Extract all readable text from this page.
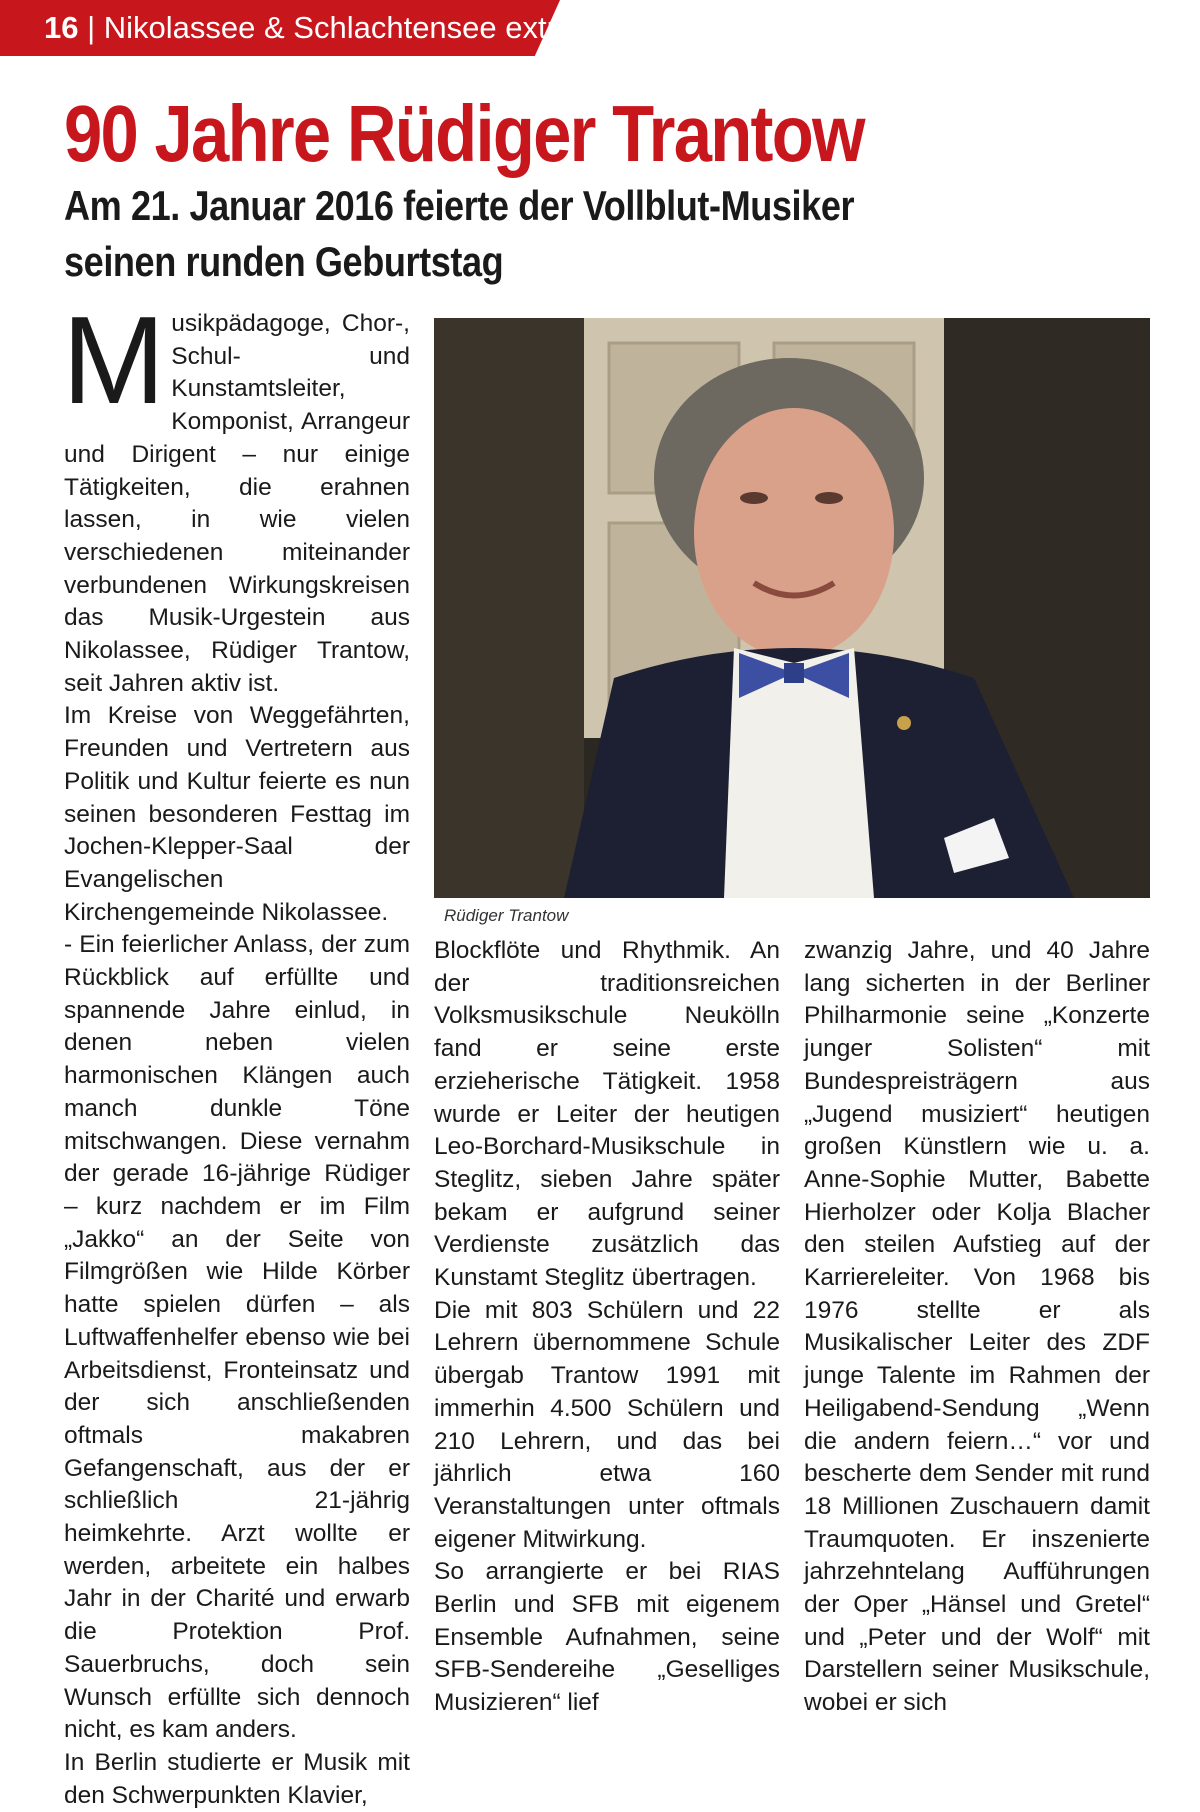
16 | Nikolassee & Schlachtensee extra
90 Jahre Rüdiger Trantow
Am 21. Januar 2016 feierte der Vollblut-Musiker seinen runden Geburtstag
M usikpädagoge, Chor-, Schul- und Kunstamtsleiter, Komponist, Arrangeur und Dirigent – nur einige Tätigkeiten, die erahnen lassen, in wie vielen verschiedenen miteinander verbundenen Wirkungskreisen das Musik-Urgestein aus Nikolassee, Rüdiger Trantow, seit Jahren aktiv ist.

Im Kreise von Weggefährten, Freunden und Vertretern aus Politik und Kultur feierte es nun seinen besonderen Festtag im Jochen-Klepper-Saal der Evangelischen Kirchengemeinde Nikolassee.

- Ein feierlicher Anlass, der zum Rückblick auf erfüllte und spannende Jahre einlud, in denen neben vielen harmonischen Klängen auch manch dunkle Töne mitschwangen. Diese vernahm der gerade 16-jährige Rüdiger – kurz nachdem er im Film „Jakko“ an der Seite von Filmgrößen wie Hilde Körber hatte spielen dürfen – als Luftwaffenhelfer ebenso wie bei Arbeitsdienst, Fronteinsatz und der sich anschließenden oftmals makabren Gefangenschaft, aus der er schließlich 21-jährig heimkehrte. Arzt wollte er werden, arbeitete ein halbes Jahr in der Charité und erwarb die Protektion Prof. Sauerbruchs, doch sein Wunsch erfüllte sich dennoch nicht, es kam anders.

In Berlin studierte er Musik mit den Schwerpunkten Klavier,

Rüdiger Trantow

Blockflöte und Rhythmik. An der traditionsreichen Volksmusikschule Neukölln fand er seine erste erzieherische Tätigkeit. 1958 wurde er Leiter der heutigen Leo-Borchard-Musikschule in Steglitz, sieben Jahre später bekam er aufgrund seiner Verdienste zusätzlich das Kunstamt Steglitz übertragen.

Die mit 803 Schülern und 22 Lehrern übernommene Schule übergab Trantow 1991 mit immerhin 4.500 Schülern und 210 Lehrern, und das bei jährlich etwa 160 Veranstaltungen unter oftmals eigener Mitwirkung.

So arrangierte er bei RIAS Berlin und SFB mit eigenem Ensemble Aufnahmen, seine SFB-Sendereihe „Geselliges Musizieren“ lief

zwanzig Jahre, und 40 Jahre lang sicherten in der Berliner Philharmonie seine „Konzerte junger Solisten“ mit Bundespreisträgern aus „Jugend musiziert“ heutigen großen Künstlern wie u. a. Anne-Sophie Mutter, Babette Hierholzer oder Kolja Blacher den steilen Aufstieg auf der Karriereleiter. Von 1968 bis 1976 stellte er als Musikalischer Leiter des ZDF junge Talente im Rahmen der Heiligabend-Sendung „Wenn die andern feiern…“ vor und bescherte dem Sender mit rund 18 Millionen Zuschauern damit Traumquoten. Er inszenierte jahrzehntelang Aufführungen der Oper „Hänsel und Gretel“ und „Peter und der Wolf“ mit Darstellern seiner Musikschule, wobei er sich
